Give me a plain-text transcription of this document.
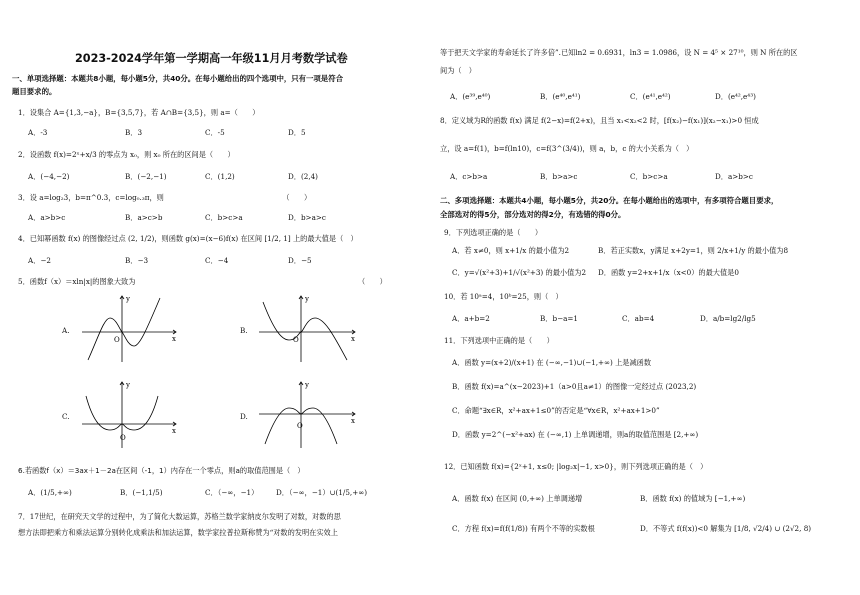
2023-2024学年第一学期高一年级11月月考数学试卷
一、单项选择题：本题共8小题，每小题5分，共40分。在每小题给出的四个选项中，只有一项是符合
题目要求的。
1．设集合 A={1,3,−a}，B={3,5,7}，若 A∩B={3,5}，则 a=（　　）
A．-3	B．3	C．-5	D．5
2．设函数 f(x)=2ˣ+x/3 的零点为 x₀，则 x₀ 所在的区间是（　　）
A．(−4,−2)	B．(−2,−1)	C．(1,2)	D．(2,4)
3．设 a=log₂3，b=π^0.3，c=log₀.₃π，则　　　　　　　　　　　　　　　　　（　　）
A．a>b>c	B．a>c>b	C．b>c>a	D．b>a>c
4．已知幂函数 f(x) 的图像经过点 (2, 1/2)，则函数 g(x)=(x−6)f(x) 在区间 [1/2, 1] 上的最大值是（　）
A．−2	B．−3	C．−4	D．−5
5．函数f（x）＝xln|x|的图象大致为	（　　）
A.
y
x
O
B.
y
x
O
C.
y
x
O
D.
y
x
O
6.若函数f（x）＝3ax＋1－2a在区间（-1，1）内存在一个零点，则a的取值范围是（　）
A．(1/5,+∞)	B．(−1,1/5)	C．（−∞，−1） D．（−∞，−1）∪(1/5,+∞)
7．17世纪，在研究天文学的过程中，为了简化大数运算，苏格兰数学家纳皮尔发明了对数，对数的思
想方法即把乘方和乘法运算分别转化成乘法和加法运算，数学家拉普拉斯称赞为“对数的发明在实效上
等于把天文学家的寿命延长了许多倍”.已知ln2 = 0.6931，ln3 = 1.0986，设 N = 4⁵ × 27¹⁰，则 N 所在的区
间为（　）
A．(e³⁹,e⁴⁰)	B．(e⁴⁰,e⁴¹)	C．(e⁴¹,e⁴²)	D．(e⁴²,e⁴³)
8．定义域为R的函数 f(x) 满足 f(2−x)=f(2+x)，且当 x₁<x₂<2 时，[f(x₂)−f(x₁)](x₂−x₁)>0 恒成
立，设 a=f(1)，b=f(ln10)，c=f(3^(3/4))，则 a，b，c 的大小关系为（　）
A．c>b>a	B．b>a>c	C．b>c>a	D．a>b>c
二、多项选择题：本题共4小题，每小题5分，共20分。在每小题给出的选项中，有多项符合题目要求，
全部选对的得5分，部分选对的得2分，有选错的得0分。
9．下列选项正确的是（　　）
A．若 x≠0，则 x+1/x 的最小值为2	B．若正实数x，y满足 x+2y=1，则 2/x+1/y 的最小值为8
C．y=√(x²+3)+1/√(x²+3) 的最小值为2 D．函数 y=2+x+1/x（x<0）的最大值是0
10．若 10ᵃ=4，10ᵇ=25，则（　）
A．a+b=2	B．b−a=1	C．ab=4	D．a/b=lg2/lg5
11．下列选项中正确的是（　　）
A．函数 y=(x+2)/(x+1) 在 (−∞,−1)∪(−1,+∞) 上是减函数
B．函数 f(x)=a^(x−2023)+1（a>0且a≠1）的图像一定经过点 (2023,2)
C．命题“∃x∈R，x²+ax+1≤0”的否定是“∀x∈R，x²+ax+1>0”
D．函数 y=2^(−x²+ax) 在 (−∞,1) 上单调递增，则a的取值范围是 [2,+∞)
12．已知函数 f(x)={2ˣ+1, x≤0; |log₂x|−1, x>0}，则下列选项正确的是（　）
A．函数 f(x) 在区间 (0,+∞) 上单调递增	B．函数 f(x) 的值域为 [−1,+∞)
C．方程 f(x)=f(f(1/8)) 有两个不等的实数根	D．不等式 f(f(x))<0 解集为 [1/8, √2/4) ∪ (2√2, 8)
